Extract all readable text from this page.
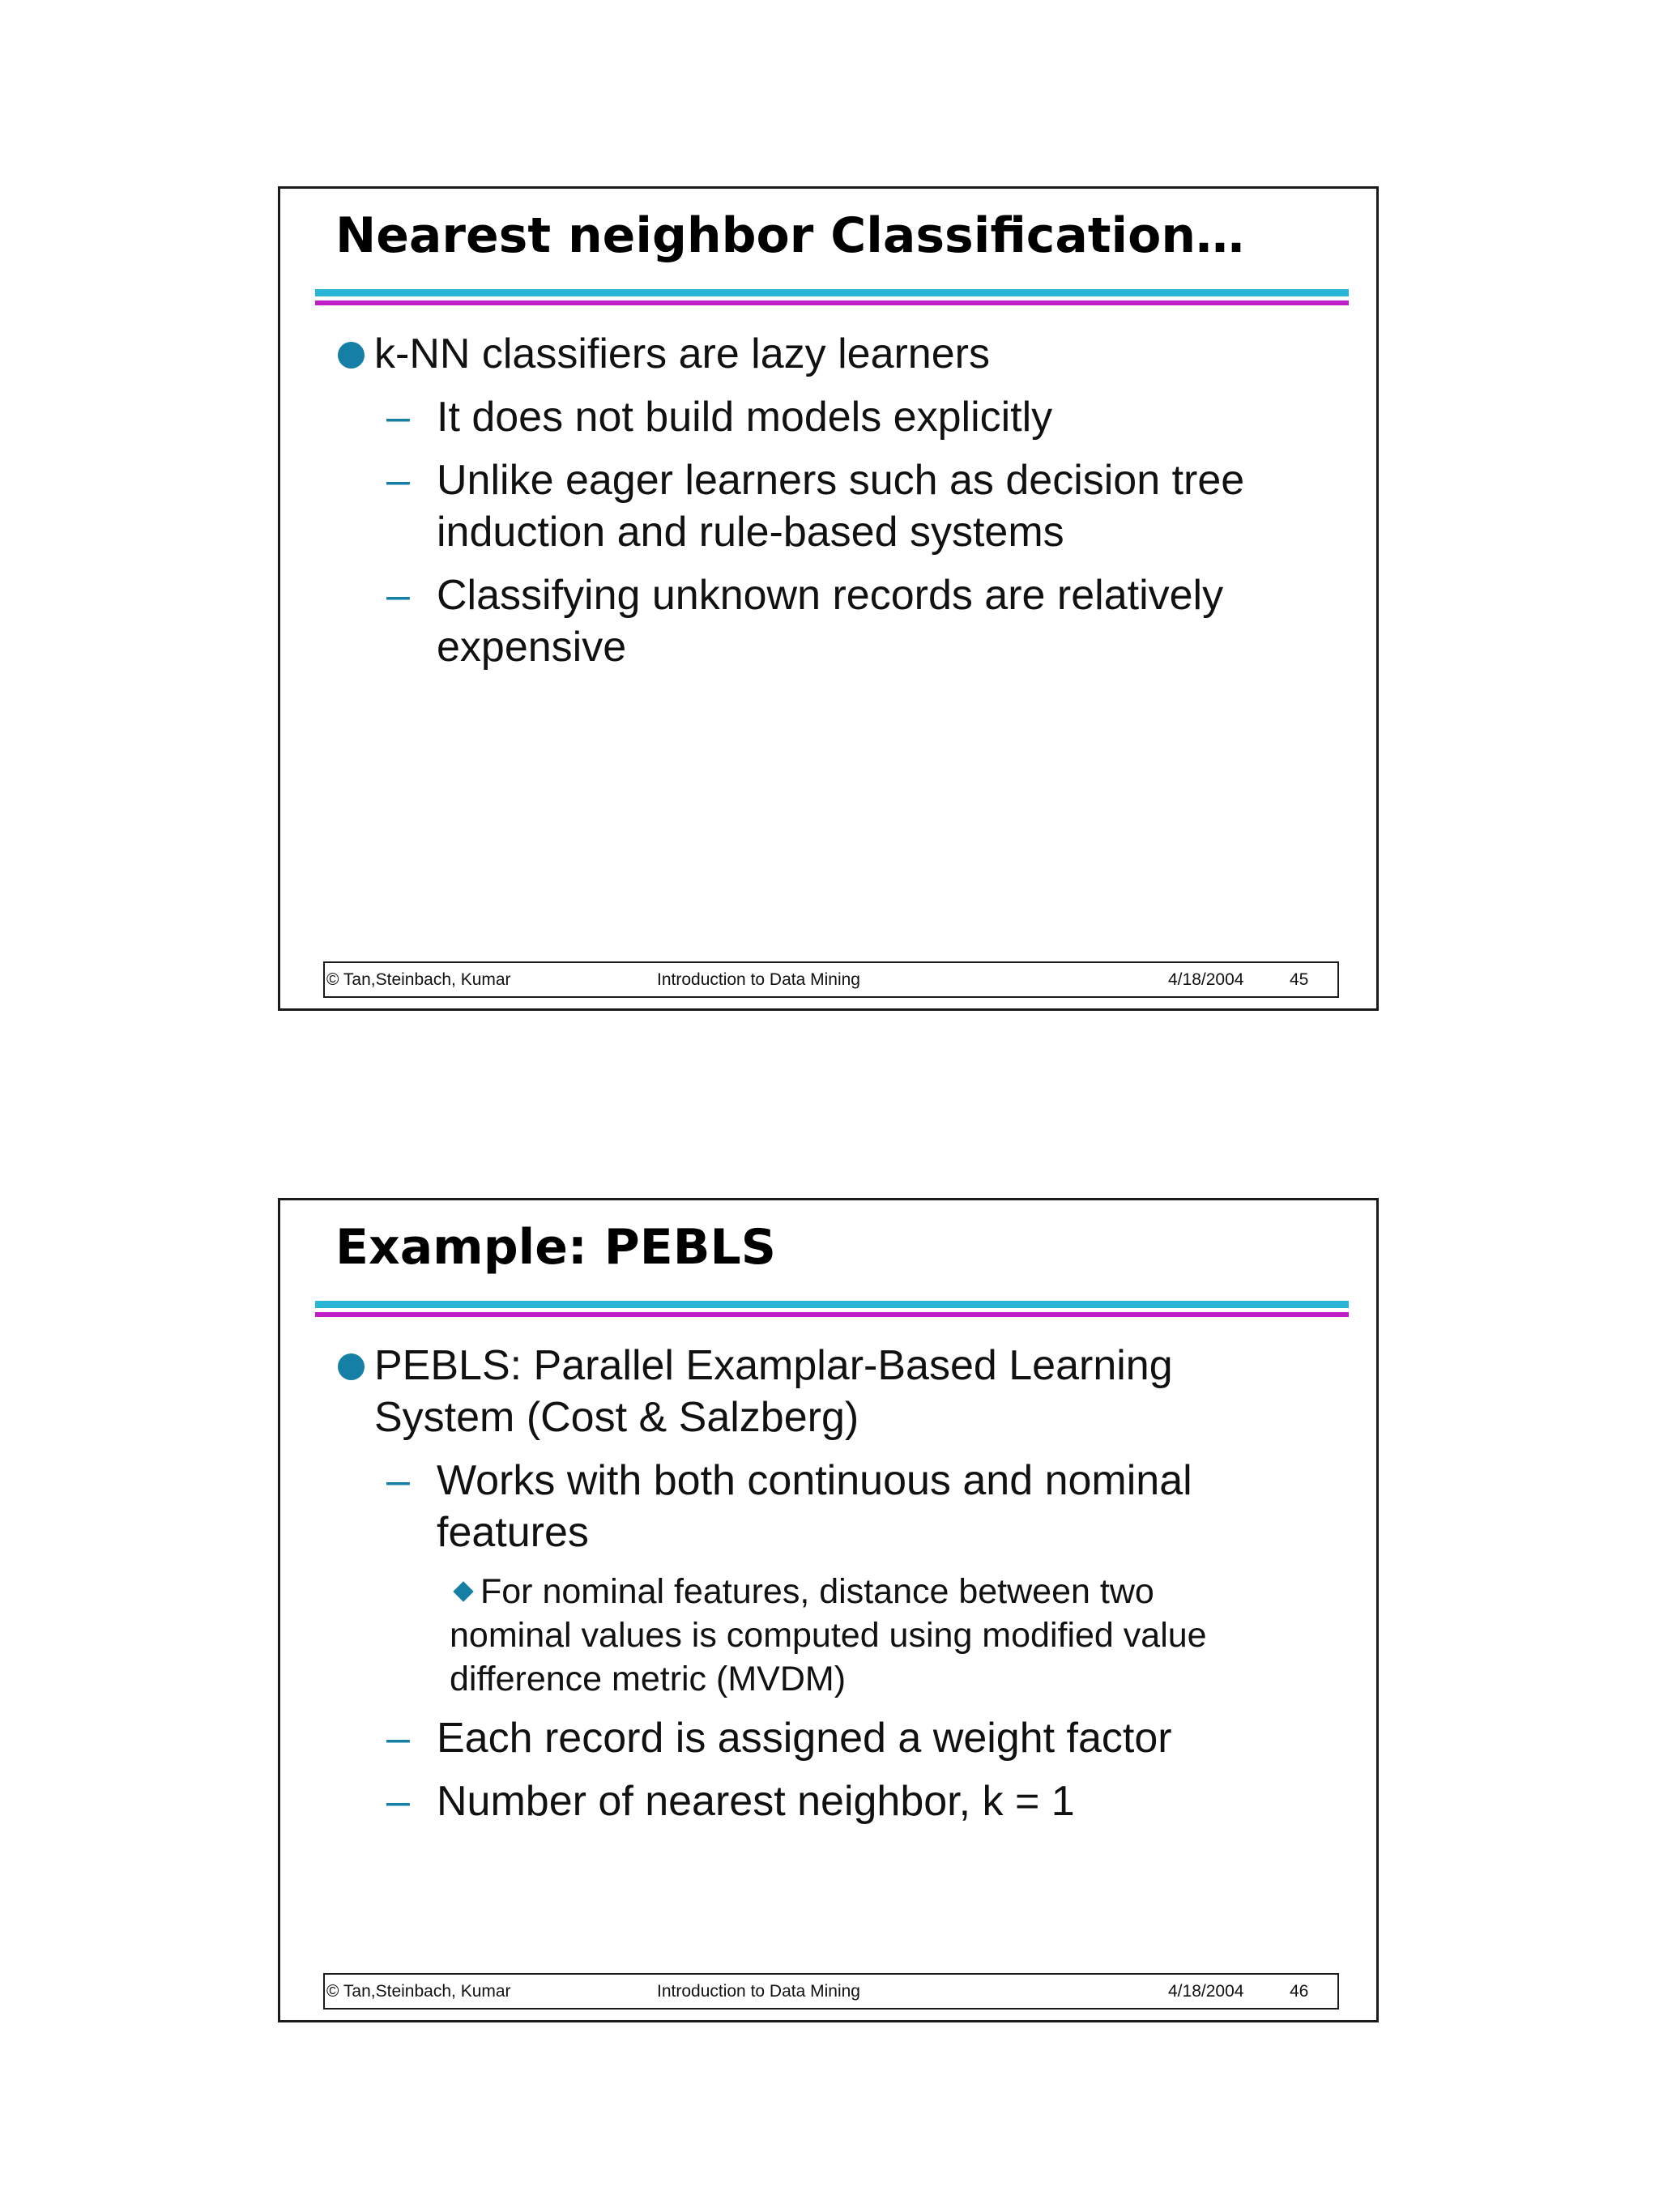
Nearest neighbor Classification…
k-NN classifiers are lazy learners
– It does not build models explicitly
– Unlike eager learners such as decision tree induction and rule-based systems
– Classifying unknown records are relatively expensive
© Tan,Steinbach, Kumar	Introduction to Data Mining	4/18/2004	45
Example: PEBLS
PEBLS: Parallel Examplar-Based Learning System (Cost & Salzberg)
– Works with both continuous and nominal features
For nominal features, distance between two nominal values is computed using modified value difference metric (MVDM)
– Each record is assigned a weight factor
– Number of nearest neighbor, k = 1
© Tan,Steinbach, Kumar	Introduction to Data Mining	4/18/2004	46
